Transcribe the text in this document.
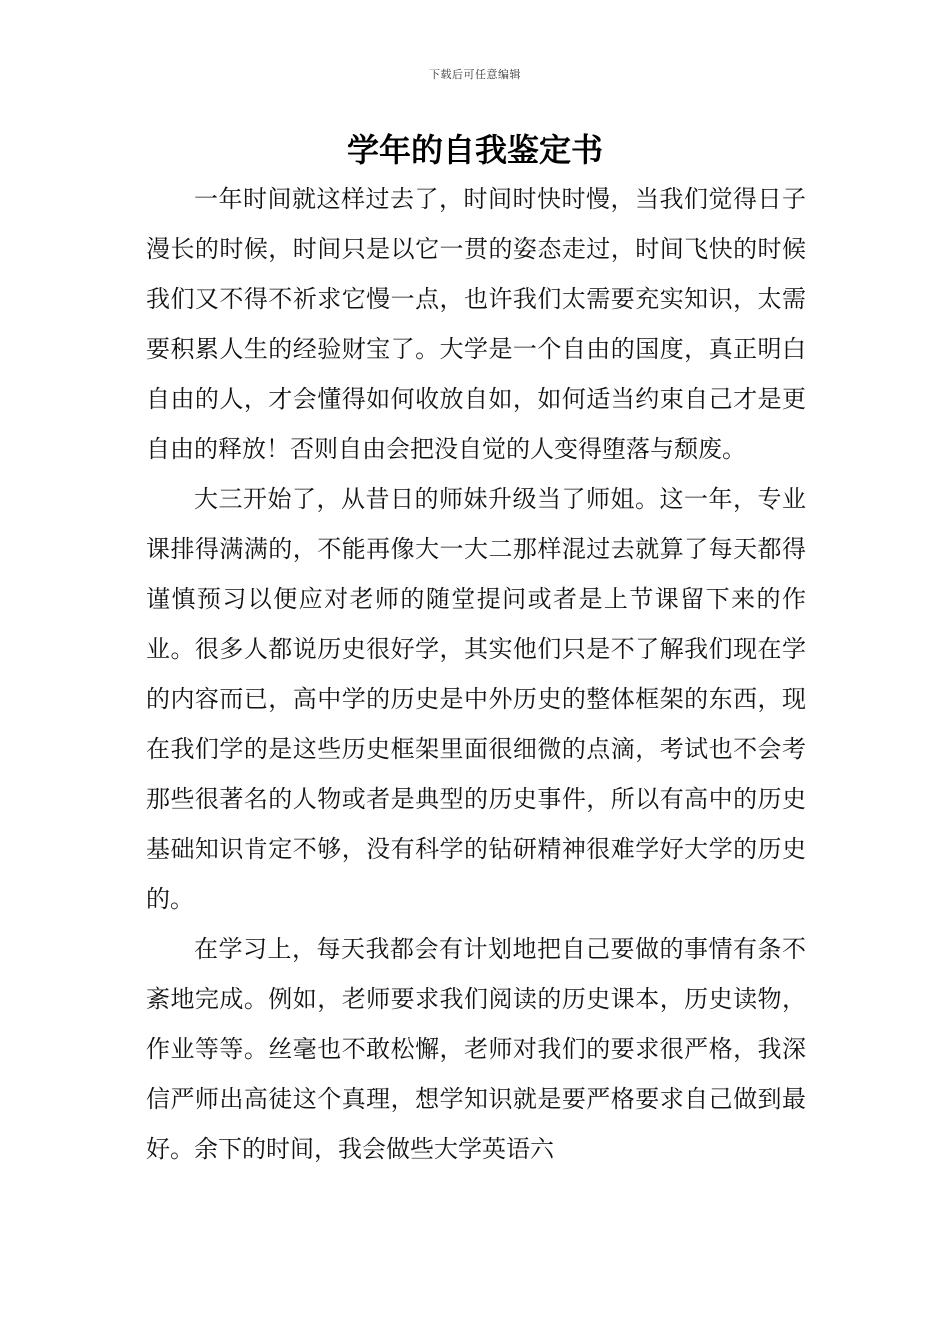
下载后可任意编辑
学年的自我鉴定书

一年时间就这样过去了，时间时快时慢，当我们觉得日子漫长的时候，时间只是以它一贯的姿态走过，时间飞快的时候我们又不得不祈求它慢一点，也许我们太需要充实知识，太需要积累人生的经验财宝了。大学是一个自由的国度，真正明白自由的人，才会懂得如何收放自如，如何适当约束自己才是更自由的释放！否则自由会把没自觉的人变得堕落与颓废。

大三开始了，从昔日的师妹升级当了师姐。这一年，专业课排得满满的，不能再像大一大二那样混过去就算了每天都得谨慎预习以便应对老师的随堂提问或者是上节课留下来的作业。很多人都说历史很好学，其实他们只是不了解我们现在学的内容而已，高中学的历史是中外历史的整体框架的东西，现在我们学的是这些历史框架里面很细微的点滴，考试也不会考那些很著名的人物或者是典型的历史事件，所以有高中的历史基础知识肯定不够，没有科学的钻研精神很难学好大学的历史的。

在学习上，每天我都会有计划地把自己要做的事情有条不紊地完成。例如，老师要求我们阅读的历史课本，历史读物，作业等等。丝毫也不敢松懈，老师对我们的要求很严格，我深信严师出高徒这个真理，想学知识就是要严格要求自己做到最好。余下的时间，我会做些大学英语六
